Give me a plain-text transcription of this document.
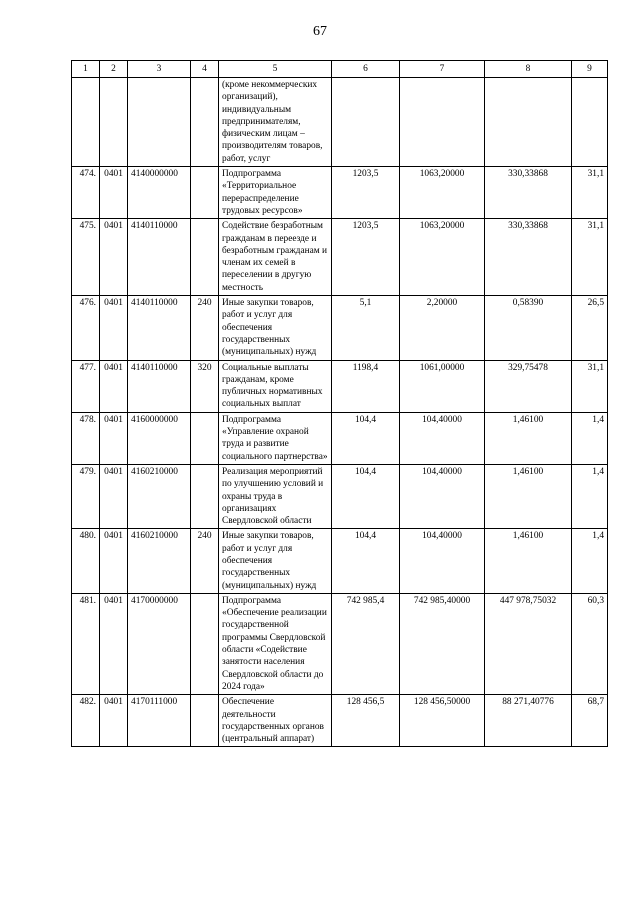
67
1	2	3	4	5	6	7	8	9
				(кроме некоммерческих организаций), индивидуальным предпринимателям, физическим лицам – производителям товаров, работ, услуг				
474.	0401	4140000000		Подпрограмма «Территориальное перераспределение трудовых ресурсов»	1203,5	1063,20000	330,33868	31,1
475.	0401	4140110000		Содействие безработным гражданам в переезде и безработным гражданам и членам их семей в переселении в другую местность	1203,5	1063,20000	330,33868	31,1
476.	0401	4140110000	240	Иные закупки товаров, работ и услуг для обеспечения государственных (муниципальных) нужд	5,1	2,20000	0,58390	26,5
477.	0401	4140110000	320	Социальные выплаты гражданам, кроме публичных нормативных социальных выплат	1198,4	1061,00000	329,75478	31,1
478.	0401	4160000000		Подпрограмма «Управление охраной труда и развитие социального партнерства»	104,4	104,40000	1,46100	1,4
479.	0401	4160210000		Реализация мероприятий по улучшению условий и охраны труда в организациях Свердловской области	104,4	104,40000	1,46100	1,4
480.	0401	4160210000	240	Иные закупки товаров, работ и услуг для обеспечения государственных (муниципальных) нужд	104,4	104,40000	1,46100	1,4
481.	0401	4170000000		Подпрограмма «Обеспечение реализации государственной программы Свердловской области «Содействие занятости населения Свердловской области до 2024 года»	742 985,4	742 985,40000	447 978,75032	60,3
482.	0401	4170111000		Обеспечение деятельности государственных органов (центральный аппарат)	128 456,5	128 456,50000	88 271,40776	68,7
